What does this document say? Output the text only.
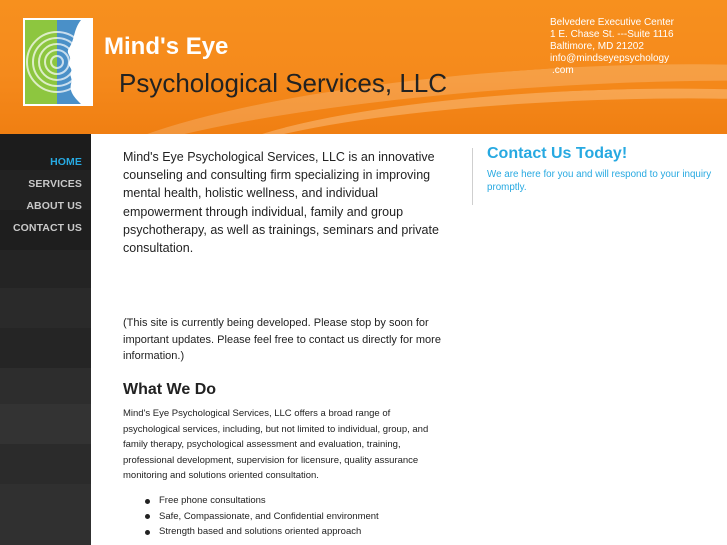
Mind's Eye
Psychological Services, LLC
Belvedere Executive Center
1 E. Chase St. ---Suite 1116
Baltimore, MD 21202
info@mindseyepsychology
.com
HOME
SERVICES
ABOUT US
CONTACT US

Mind's Eye Psychological Services, LLC is an innovative counseling and consulting firm specializing in improving mental health, holistic wellness, and individual empowerment through individual, family and group psychotherapy, as well as trainings, seminars and private consultation.

(This site is currently being developed. Please stop by soon for important updates. Please feel free to contact us directly for more information.)

What We Do

Mind's Eye Psychological Services, LLC offers a broad range of psychological services, including, but not limited to individual, group, and family therapy, psychological assessment and evaluation, training, professional development, supervision for licensure, quality assurance monitoring and solutions oriented consultation.

Free phone consultations
Safe, Compassionate, and Confidential environment
Strength based and solutions oriented approach
Contact Us Today!

We are here for you and will respond to your inquiry promptly.
